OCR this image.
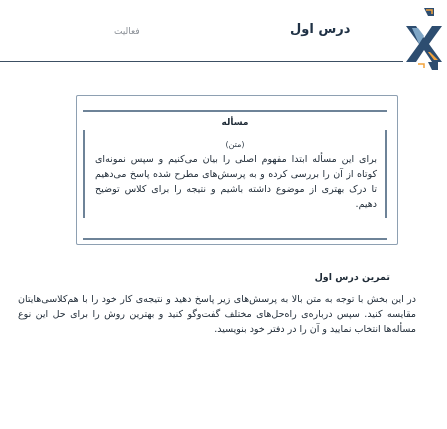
فعالیت	درس اول
مسأله
(متن)
برای این مسأله ابتدا مفهوم اصلی را بیان می‌کنیم و سپس نمونه‌ای کوتاه از آن را بررسی کرده و به پرسش‌های مطرح شده پاسخ می‌دهیم تا درک بهتری از موضوع داشته باشیم و نتیجه را برای کلاس توضیح دهیم.
تمرین درس اول
در این بخش با توجه به متن بالا به پرسش‌های زیر پاسخ دهید و نتیجه‌ی کار خود را با هم‌کلاسی‌هایتان مقایسه کنید. سپس درباره‌ی راه‌حل‌های مختلف گفت‌وگو کنید و بهترین روش را برای حل این نوع مسأله‌ها انتخاب نمایید و آن را در دفتر خود بنویسید.
